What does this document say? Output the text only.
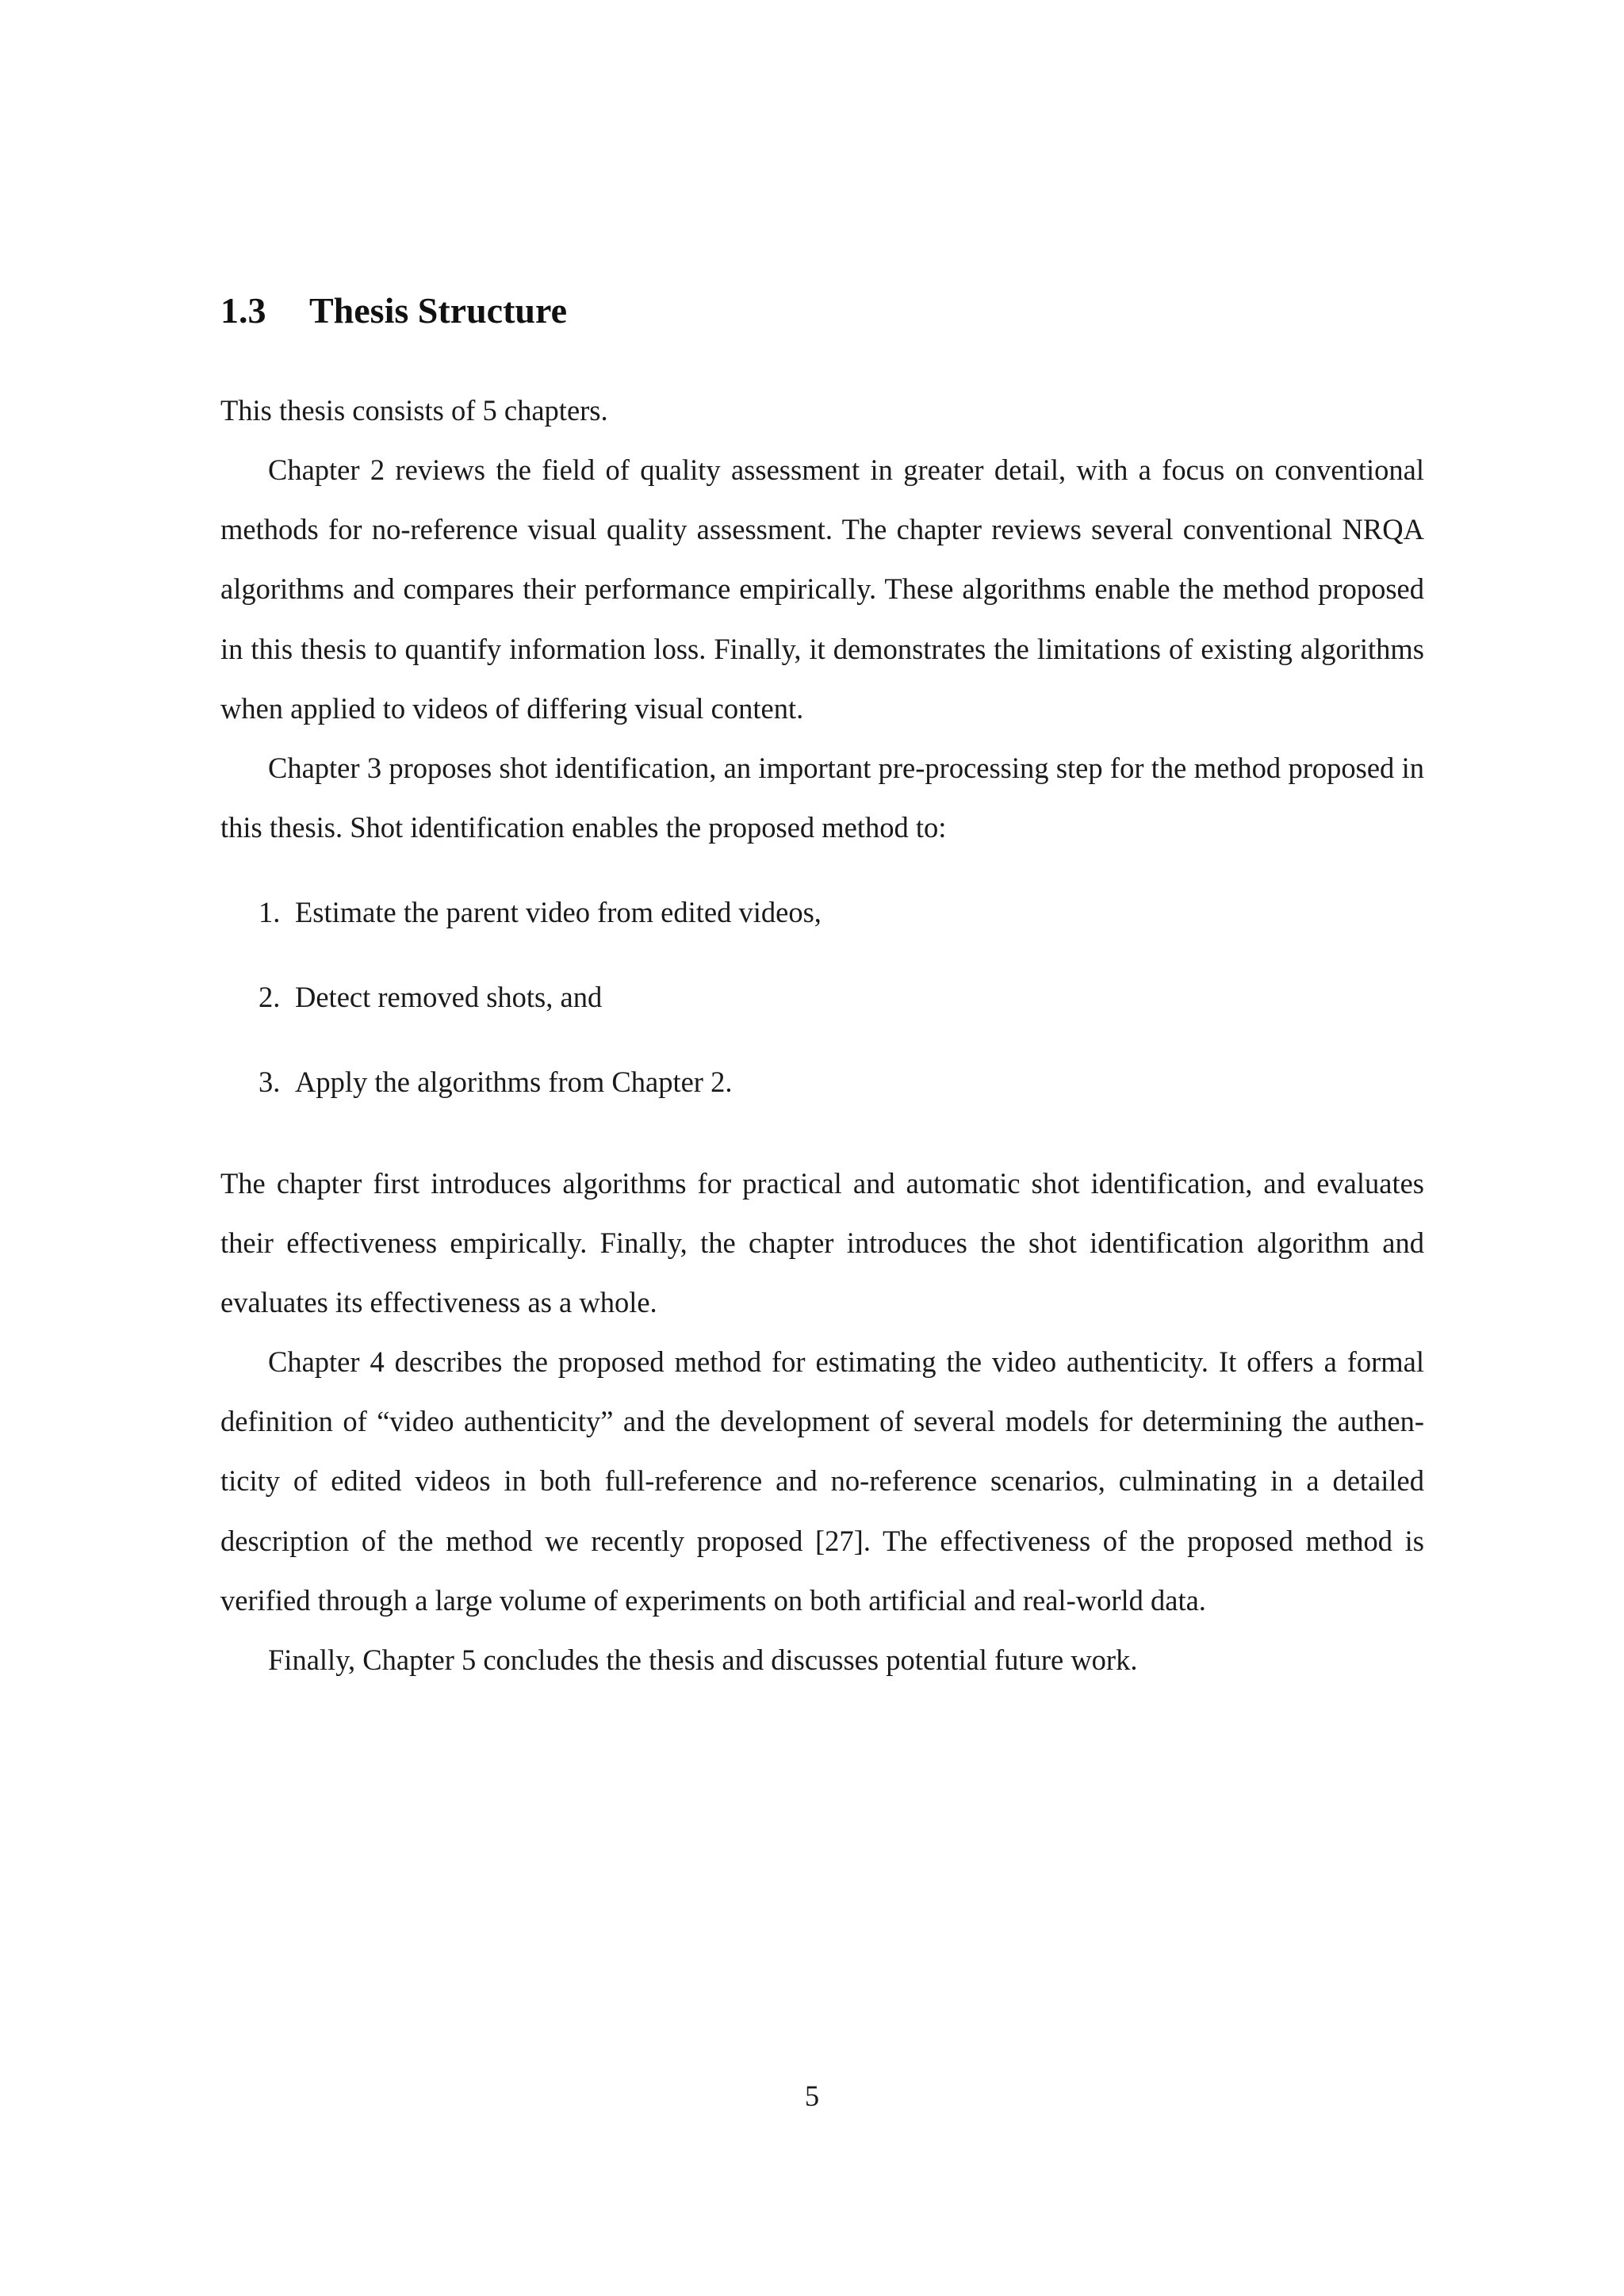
1.3 Thesis Structure

This thesis consists of 5 chapters.

Chapter 2 reviews the field of quality assessment in greater detail, with a focus on conventional methods for no-reference visual quality assessment. The chapter reviews several conventional NRQA algorithms and compares their performance empirically. These algorithms enable the method proposed in this thesis to quantify information loss. Finally, it demonstrates the limitations of existing algorithms when applied to videos of differing visual content.

Chapter 3 proposes shot identification, an important pre-processing step for the method proposed in this thesis. Shot identification enables the proposed method to:

1. Estimate the parent video from edited videos,
2. Detect removed shots, and
3. Apply the algorithms from Chapter 2.

The chapter first introduces algorithms for practical and automatic shot identification, and evaluates their effectiveness empirically. Finally, the chapter introduces the shot identification algorithm and evaluates its effectiveness as a whole.

Chapter 4 describes the proposed method for estimating the video authenticity. It offers a formal definition of “video authenticity” and the development of several models for determining the authenticity of edited videos in both full-reference and no-reference scenarios, culminating in a detailed description of the method we recently proposed [27]. The effectiveness of the proposed method is verified through a large volume of experiments on both artificial and real-world data.

Finally, Chapter 5 concludes the thesis and discusses potential future work.

5
